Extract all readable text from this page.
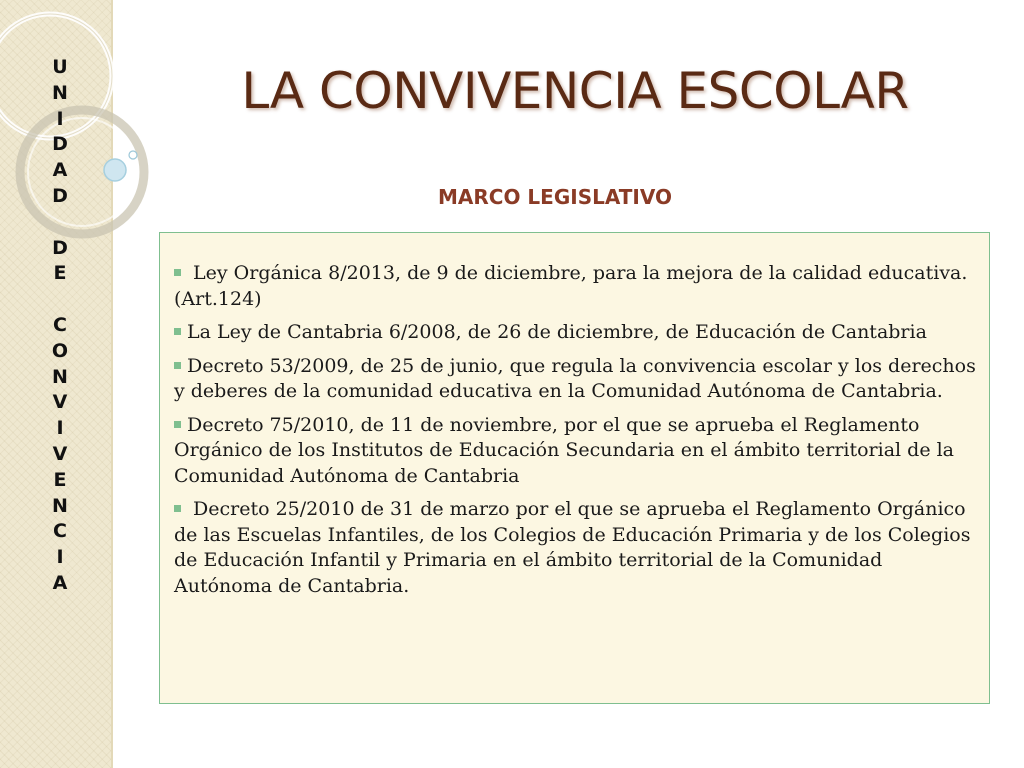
U
N
I
D
A
D
D
E
C
O
N
V
I
V
E
N
C
I
A
LA CONVIVENCIA ESCOLAR
MARCO LEGISLATIVO
Ley Orgánica 8/2013, de 9 de diciembre, para la mejora de la calidad educativa. (Art.124)
La Ley de Cantabria 6/2008, de 26 de diciembre, de Educación de Cantabria
Decreto 53/2009, de 25 de junio, que regula la convivencia escolar y los derechos y deberes de la comunidad educativa en la Comunidad Autónoma de Cantabria.
Decreto 75/2010, de 11 de noviembre, por el que se aprueba el Reglamento Orgánico de los Institutos de Educación Secundaria en el ámbito territorial de la Comunidad Autónoma de Cantabria
Decreto 25/2010 de 31 de marzo por el que se aprueba el Reglamento Orgánico de las Escuelas Infantiles, de los Colegios de Educación Primaria y de los Colegios de Educación Infantil y Primaria en el ámbito territorial de la Comunidad Autónoma de Cantabria.
